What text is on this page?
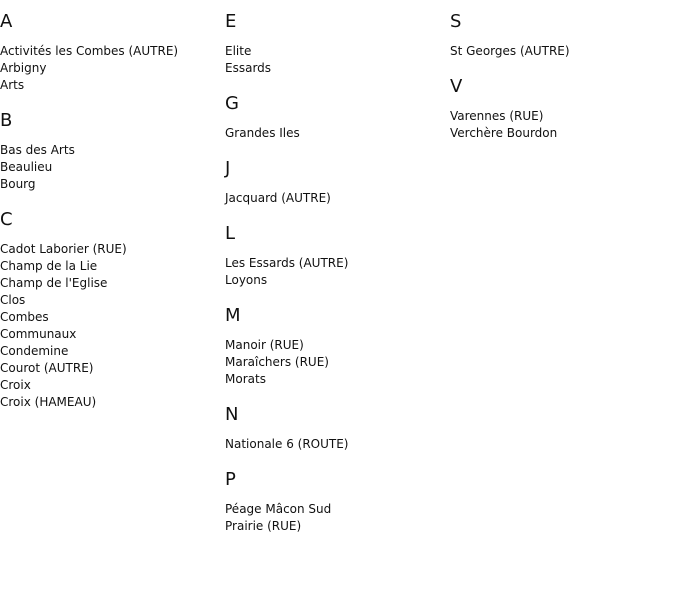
A
Activités les Combes (AUTRE)
Arbigny
Arts
B
Bas des Arts
Beaulieu
Bourg
C
Cadot Laborier (RUE)
Champ de la Lie
Champ de l'Eglise
Clos
Combes
Communaux
Condemine
Courot (AUTRE)
Croix
Croix (HAMEAU)
E
Elite
Essards
G
Grandes Iles
J
Jacquard (AUTRE)
L
Les Essards (AUTRE)
Loyons
M
Manoir (RUE)
Maraîchers (RUE)
Morats
N
Nationale 6 (ROUTE)
P
Péage Mâcon Sud
Prairie (RUE)
S
St Georges (AUTRE)
V
Varennes (RUE)
Verchère Bourdon
